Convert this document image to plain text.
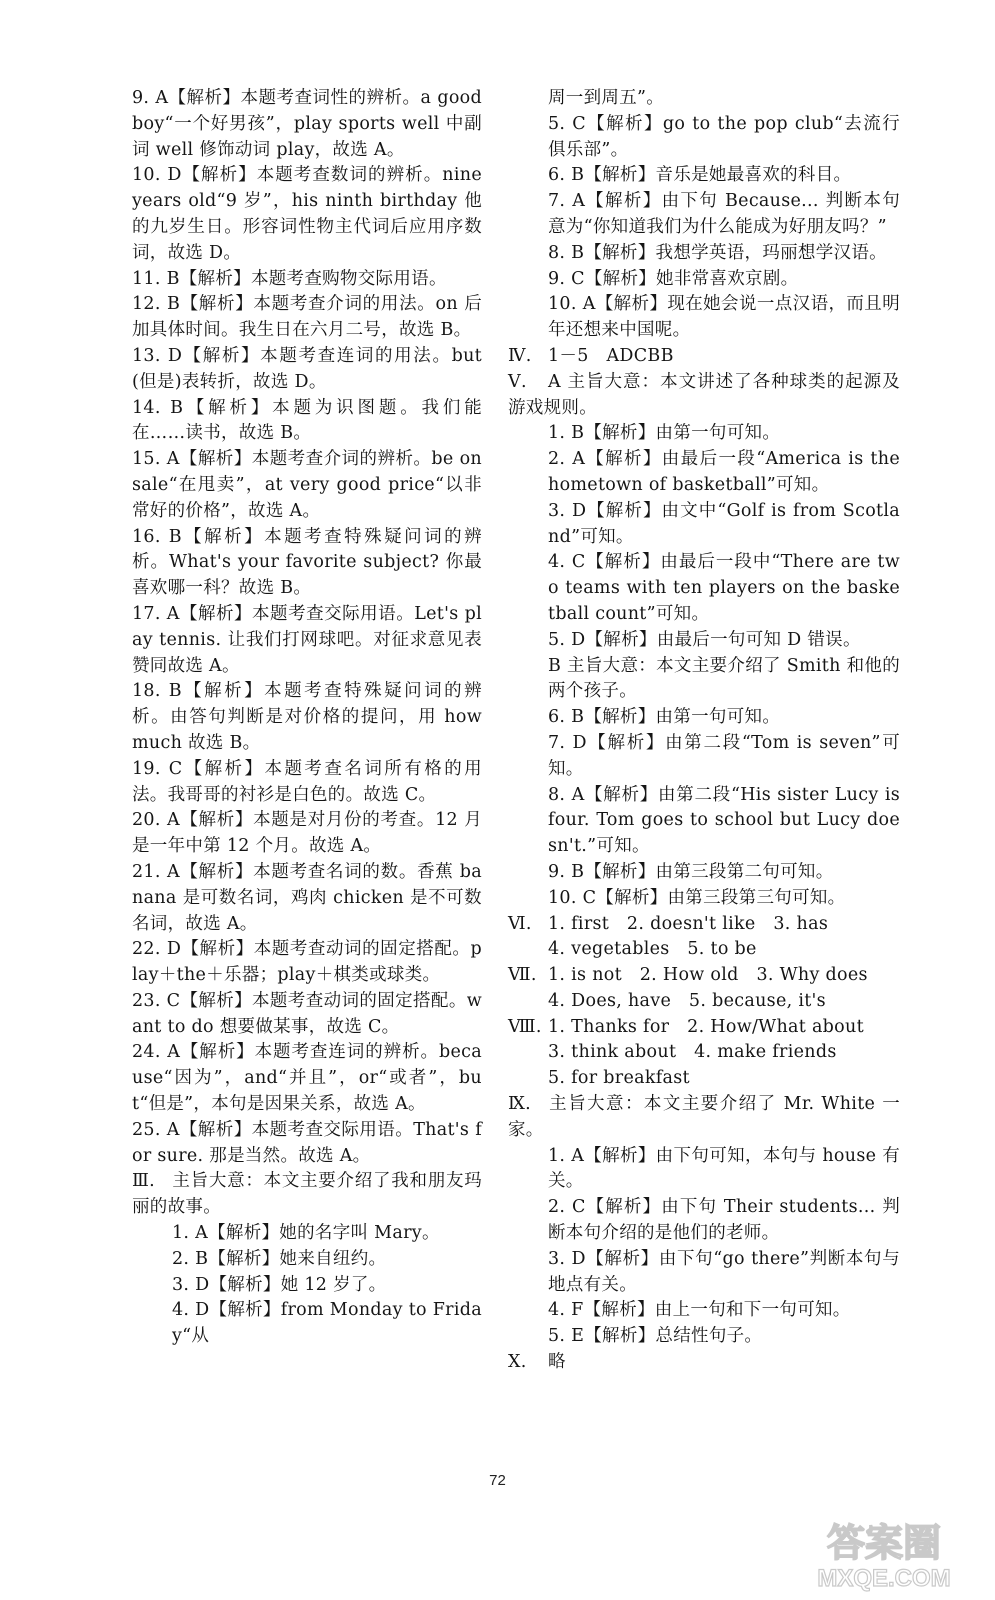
9. A【解析】本题考查词性的辨析。a good boy“一个好男孩”，play sports well 中副词 well 修饰动词 play，故选 A。

10. D【解析】本题考查数词的辨析。nine years old“9 岁”，his ninth birthday 他的九岁生日。形容词性物主代词后应用序数词，故选 D。

11. B【解析】本题考查购物交际用语。

12. B【解析】本题考查介词的用法。on 后加具体时间。我生日在六月二号，故选 B。

13. D【解析】本题考查连词的用法。but (但是)表转折，故选 D。

14. B【解析】本题为识图题。我们能在……读书，故选 B。

15. A【解析】本题考查介词的辨析。be on sale“在甩卖”，at very good price“以非常好的价格”，故选 A。

16. B【解析】本题考查特殊疑问词的辨析。What's your favorite subject? 你最喜欢哪一科？故选 B。

17. A【解析】本题考查交际用语。Let's play tennis. 让我们打网球吧。对征求意见表赞同故选 A。

18. B【解析】本题考查特殊疑问词的辨析。由答句判断是对价格的提问，用 how much 故选 B。

19. C【解析】本题考查名词所有格的用法。我哥哥的衬衫是白色的。故选 C。

20. A【解析】本题是对月份的考查。12 月是一年中第 12 个月。故选 A。

21. A【解析】本题考查名词的数。香蕉 banana 是可数名词，鸡肉 chicken 是不可数名词，故选 A。

22. D【解析】本题考查动词的固定搭配。play＋the＋乐器；play＋棋类或球类。

23. C【解析】本题考查动词的固定搭配。want to do 想要做某事，故选 C。

24. A【解析】本题考查连词的辨析。because“因为”，and“并且”，or“或者”，but“但是”，本句是因果关系，故选 A。

25. A【解析】本题考查交际用语。That's for sure. 那是当然。故选 A。

Ⅲ. 主旨大意：本文主要介绍了我和朋友玛丽的故事。

1. A【解析】她的名字叫 Mary。

2. B【解析】她来自纽约。

3. D【解析】她 12 岁了。

4. D【解析】from Monday to Friday“从

周一到周五”。

5. C【解析】go to the pop club“去流行俱乐部”。

6. B【解析】音乐是她最喜欢的科目。

7. A【解析】由下句 Because... 判断本句意为“你知道我们为什么能成为好朋友吗？”

8. B【解析】我想学英语，玛丽想学汉语。

9. C【解析】她非常喜欢京剧。

10. A【解析】现在她会说一点汉语，而且明年还想来中国呢。

Ⅳ. 1－5　ADCBB

Ⅴ. A 主旨大意：本文讲述了各种球类的起源及游戏规则。

1. B【解析】由第一句可知。

2. A【解析】由最后一段“America is the hometown of basketball”可知。

3. D【解析】由文中“Golf is from Scotland”可知。

4. C【解析】由最后一段中“There are two teams with ten players on the basketball count”可知。

5. D【解析】由最后一句可知 D 错误。

B 主旨大意：本文主要介绍了 Smith 和他的两个孩子。

6. B【解析】由第一句可知。

7. D【解析】由第二段“Tom is seven”可知。

8. A【解析】由第二段“His sister Lucy is four. Tom goes to school but Lucy doesn't.”可知。

9. B【解析】由第三段第二句可知。

10. C【解析】由第三段第三句可知。

Ⅵ. 1. first　2. doesn't like　3. has

4. vegetables　5. to be

Ⅶ. 1. is not　2. How old　3. Why does

4. Does, have　5. because, it's

Ⅷ. 1. Thanks for　2. How/What about

3. think about　4. make friends

5. for breakfast

Ⅸ. 主旨大意：本文主要介绍了 Mr. White 一家。

1. A【解析】由下句可知，本句与 house 有关。

2. C【解析】由下句 Their students... 判断本句介绍的是他们的老师。

3. D【解析】由下句“go there”判断本句与地点有关。

4. F【解析】由上一句和下一句可知。

5. E【解析】总结性句子。

Ⅹ. 略

72
答案圈
MXQE.COM
